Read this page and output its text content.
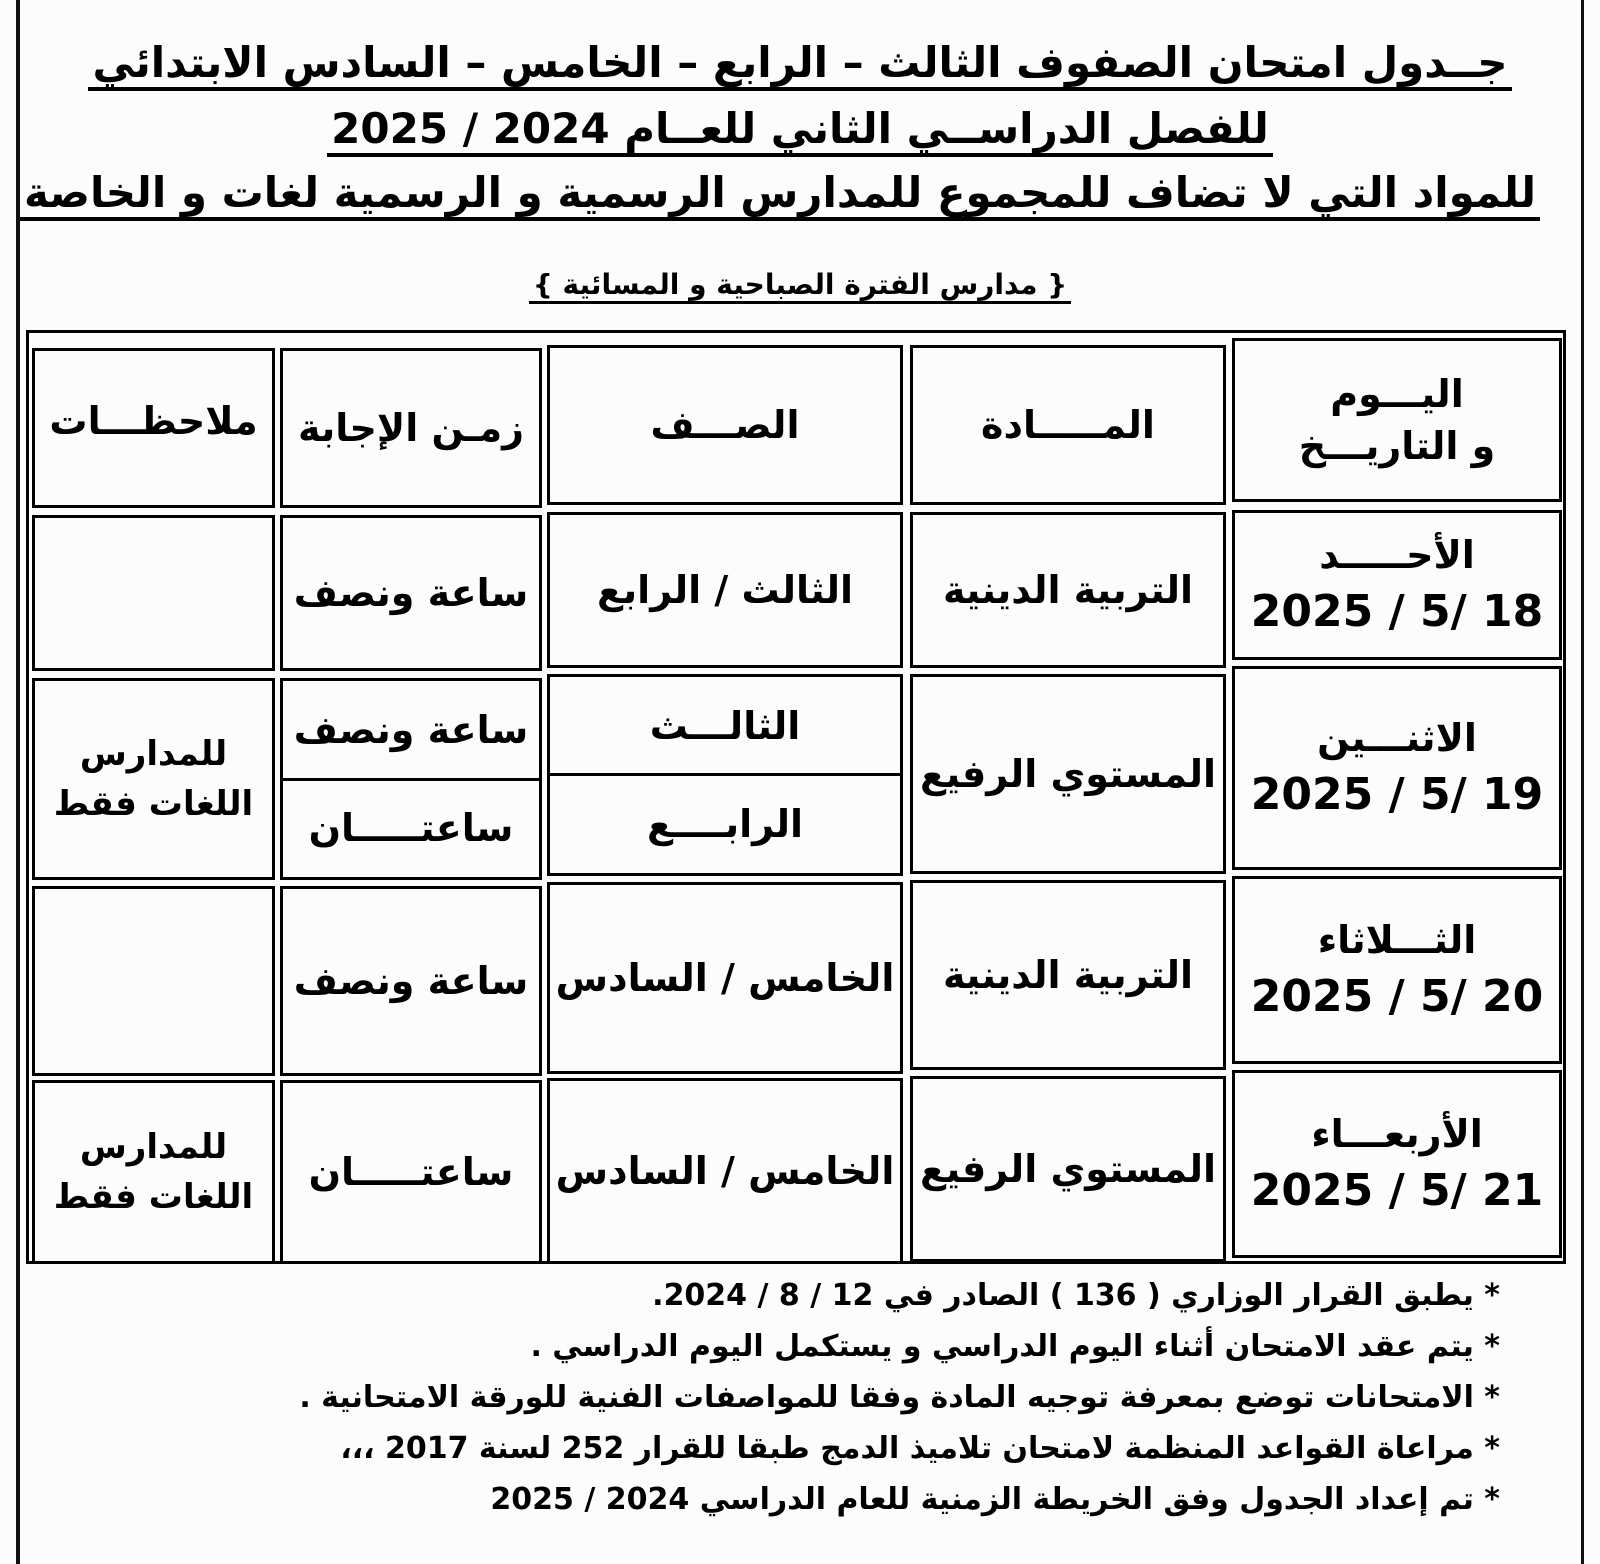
جــدول امتحان الصفوف الثالث – الرابع – الخامس – السادس الابتدائي
للفصل الدراســي الثاني للعــام 2024 / 2025
للمواد التي لا تضاف للمجموع للمدارس الرسمية و الرسمية لغات و الخاصة
{ مدارس الفترة الصباحية و المسائية }
اليـــوم
و التاريـــخ
المـــــادة
الصـــف
زمـن الإجابة
ملاحظـــات
الأحـــــد
2025 / 5/ 18
التربية الدينية
الثالث / الرابع
ساعة ونصف
الاثنـــين
2025 / 5/ 19
المستوي الرفيع
الثالـــث
الرابــــع
ساعة ونصف
ساعتـــــان
للمدارس
اللغات فقط
الثـــلاثاء
2025 / 5/ 20
التربية الدينية
الخامس / السادس
ساعة ونصف
الأربعـــاء
2025 / 5/ 21
المستوي الرفيع
الخامس / السادس
ساعتـــــان
للمدارس
اللغات فقط
* يطبق القرار الوزاري ( 136 ) الصادر في 12 / 8 / 2024.
* يتم عقد الامتحان أثناء اليوم الدراسي و يستكمل اليوم الدراسي .
* الامتحانات توضع بمعرفة توجيه المادة وفقا للمواصفات الفنية للورقة الامتحانية .
* مراعاة القواعد المنظمة لامتحان تلاميذ الدمج طبقا للقرار 252 لسنة 2017 ،،،
* تم إعداد الجدول وفق الخريطة الزمنية للعام الدراسي 2024 / 2025
